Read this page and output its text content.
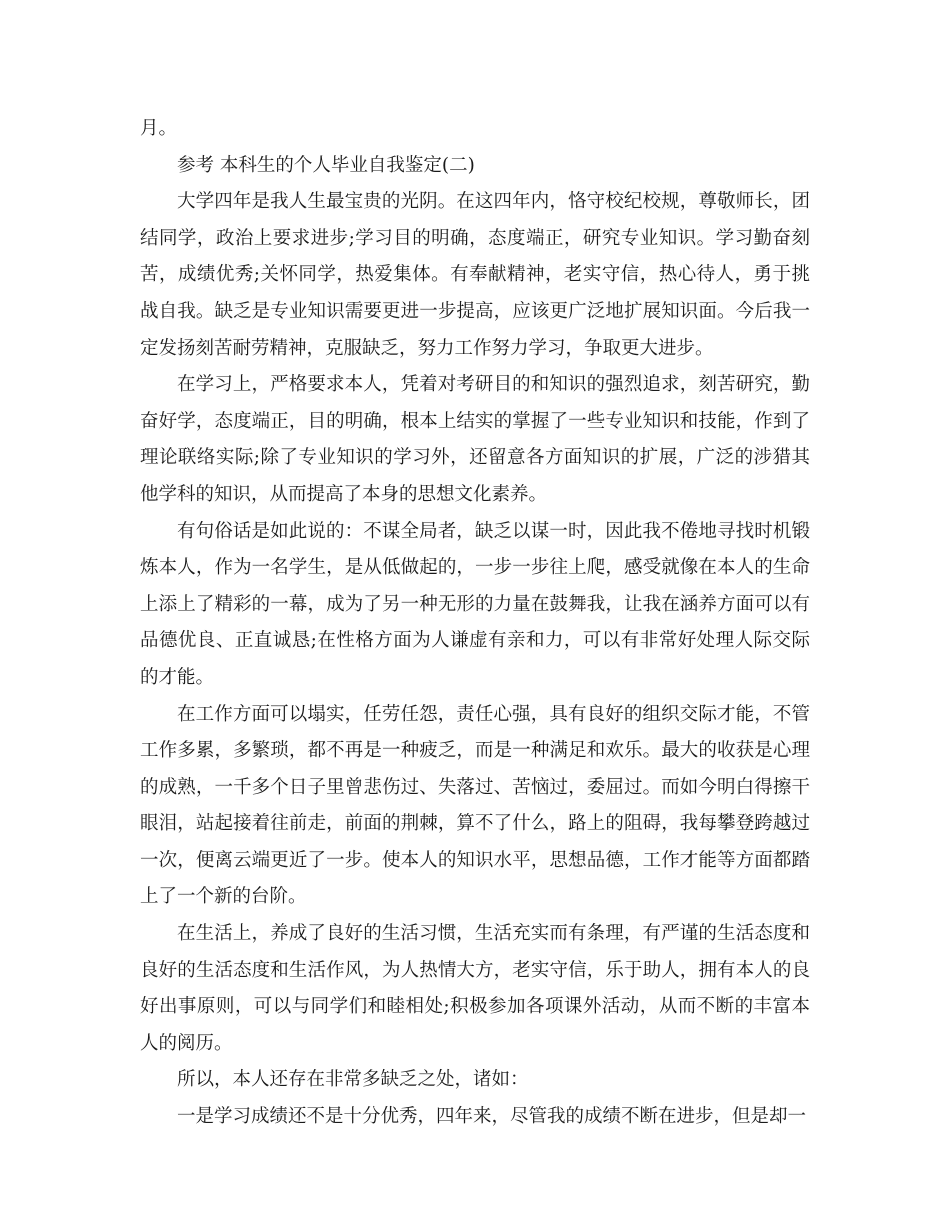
月。

参考 本科生的个人毕业自我鉴定(二)

大学四年是我人生最宝贵的光阴。在这四年内，恪守校纪校规，尊敬师长，团结同学，政治上要求进步;学习目的明确，态度端正，研究专业知识。学习勤奋刻苦，成绩优秀;关怀同学，热爱集体。有奉献精神，老实守信，热心待人，勇于挑战自我。缺乏是专业知识需要更进一步提高，应该更广泛地扩展知识面。今后我一定发扬刻苦耐劳精神，克服缺乏，努力工作努力学习，争取更大进步。

在学习上，严格要求本人，凭着对考研目的和知识的强烈追求，刻苦研究，勤奋好学，态度端正，目的明确，根本上结实的掌握了一些专业知识和技能，作到了理论联络实际;除了专业知识的学习外，还留意各方面知识的扩展，广泛的涉猎其他学科的知识，从而提高了本身的思想文化素养。

有句俗话是如此说的：不谋全局者，缺乏以谋一时，因此我不倦地寻找时机锻炼本人，作为一名学生，是从低做起的，一步一步往上爬，感受就像在本人的生命上添上了精彩的一幕，成为了另一种无形的力量在鼓舞我，让我在涵养方面可以有品德优良、正直诚恳;在性格方面为人谦虚有亲和力，可以有非常好处理人际交际的才能。

在工作方面可以塌实，任劳任怨，责任心强，具有良好的组织交际才能，不管工作多累，多繁琐，都不再是一种疲乏，而是一种满足和欢乐。最大的收获是心理的成熟，一千多个日子里曾悲伤过、失落过、苦恼过，委屈过。而如今明白得擦干眼泪，站起接着往前走，前面的荆棘，算不了什么，路上的阻碍，我每攀登跨越过一次，便离云端更近了一步。使本人的知识水平，思想品德，工作才能等方面都踏上了一个新的台阶。

在生活上，养成了良好的生活习惯，生活充实而有条理，有严谨的生活态度和良好的生活态度和生活作风，为人热情大方，老实守信，乐于助人，拥有本人的良好出事原则，可以与同学们和睦相处;积极参加各项课外活动，从而不断的丰富本人的阅历。

所以，本人还存在非常多缺乏之处，诸如：

一是学习成绩还不是十分优秀，四年来，尽管我的成绩不断在进步，但是却一
